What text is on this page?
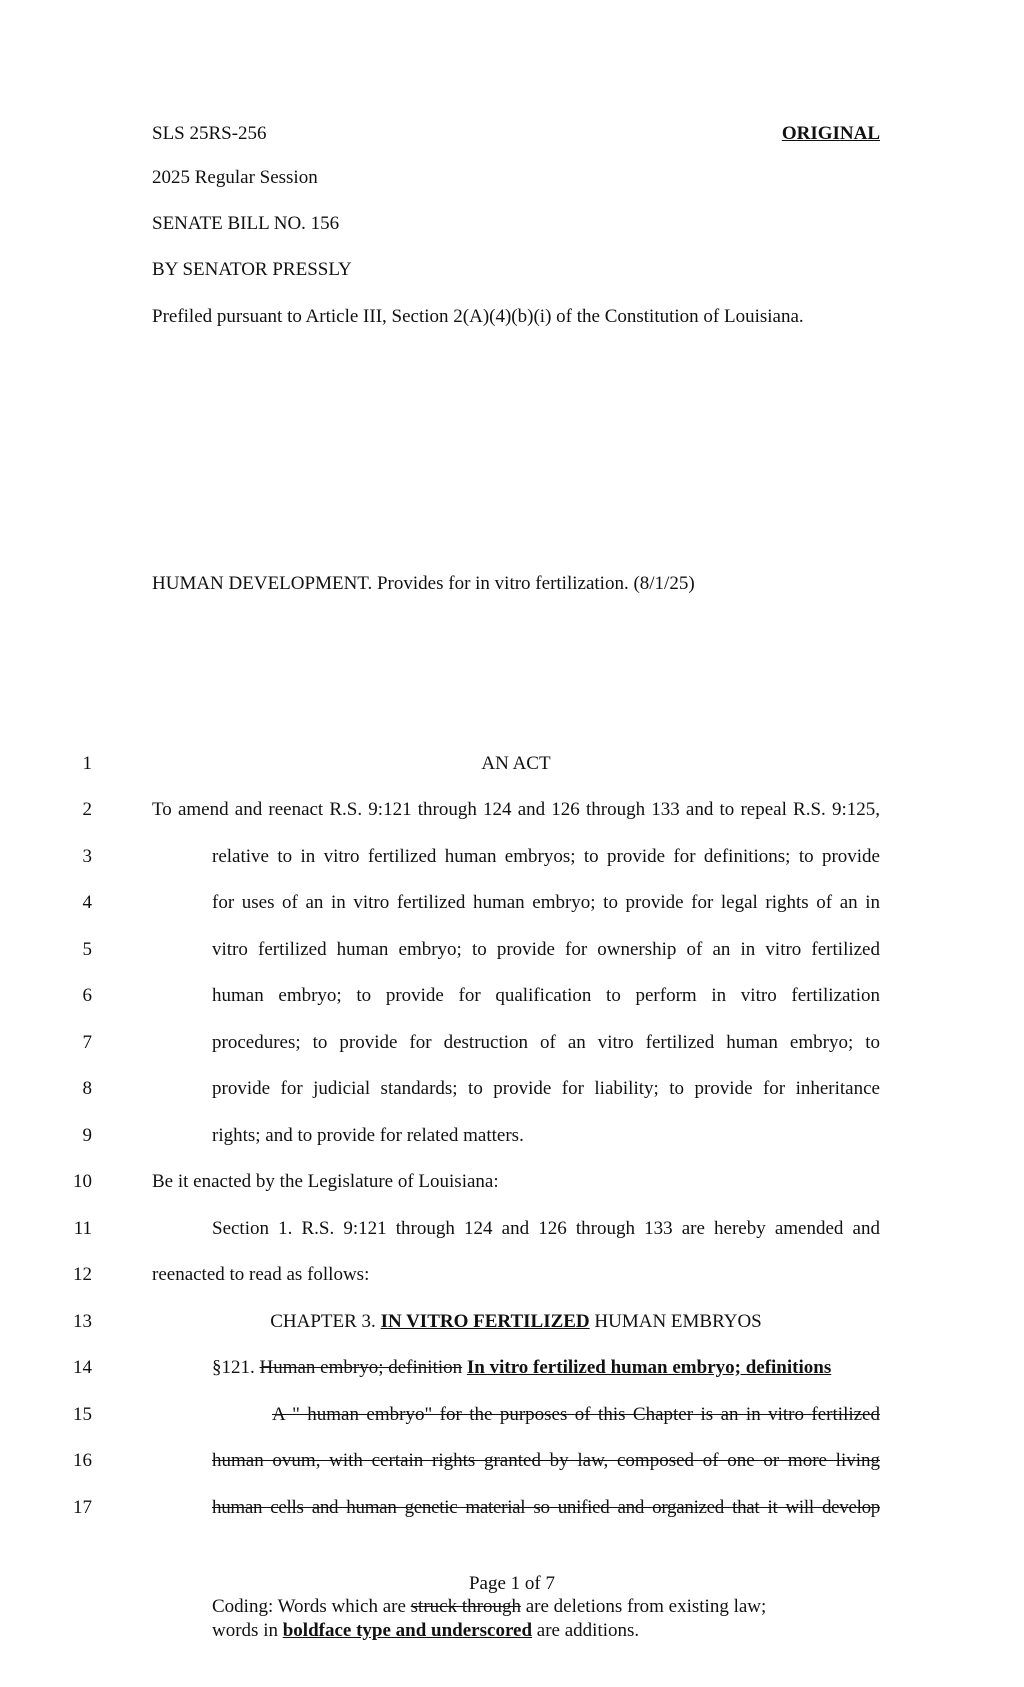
SLS 25RS-256	ORIGINAL
2025 Regular Session
SENATE BILL NO. 156
BY SENATOR PRESSLY
Prefiled pursuant to Article III, Section 2(A)(4)(b)(i) of the Constitution of Louisiana.
HUMAN DEVELOPMENT. Provides for in vitro fertilization. (8/1/25)
1
2
3
4
5
6
7
8
9
10
11
12
13
14
15
16
17
AN ACT
To amend and reenact R.S. 9:121 through 124 and 126 through 133 and to repeal R.S. 9:125,
relative to in vitro fertilized human embryos; to provide for definitions; to provide
for uses of an in vitro fertilized human embryo; to provide for legal rights of an in
vitro fertilized human embryo; to provide for ownership of an in vitro fertilized
human embryo; to provide for qualification to perform in vitro fertilization
procedures; to provide for destruction of an vitro fertilized human embryo; to
provide for judicial standards; to provide for liability; to provide for inheritance
rights; and to provide for related matters.
Be it enacted by the Legislature of Louisiana:
Section 1. R.S. 9:121 through 124 and 126 through 133 are hereby amended and
reenacted to read as follows:
CHAPTER 3. IN VITRO FERTILIZED HUMAN EMBRYOS
§121. Human embryo; definition In vitro fertilized human embryo; definitions
A " human embryo" for the purposes of this Chapter is an in vitro fertilized
human ovum, with certain rights granted by law, composed of one or more living
human cells and human genetic material so unified and organized that it will develop
Page 1 of 7
Coding: Words which are struck through are deletions from existing law;
words in boldface type and underscored are additions.
